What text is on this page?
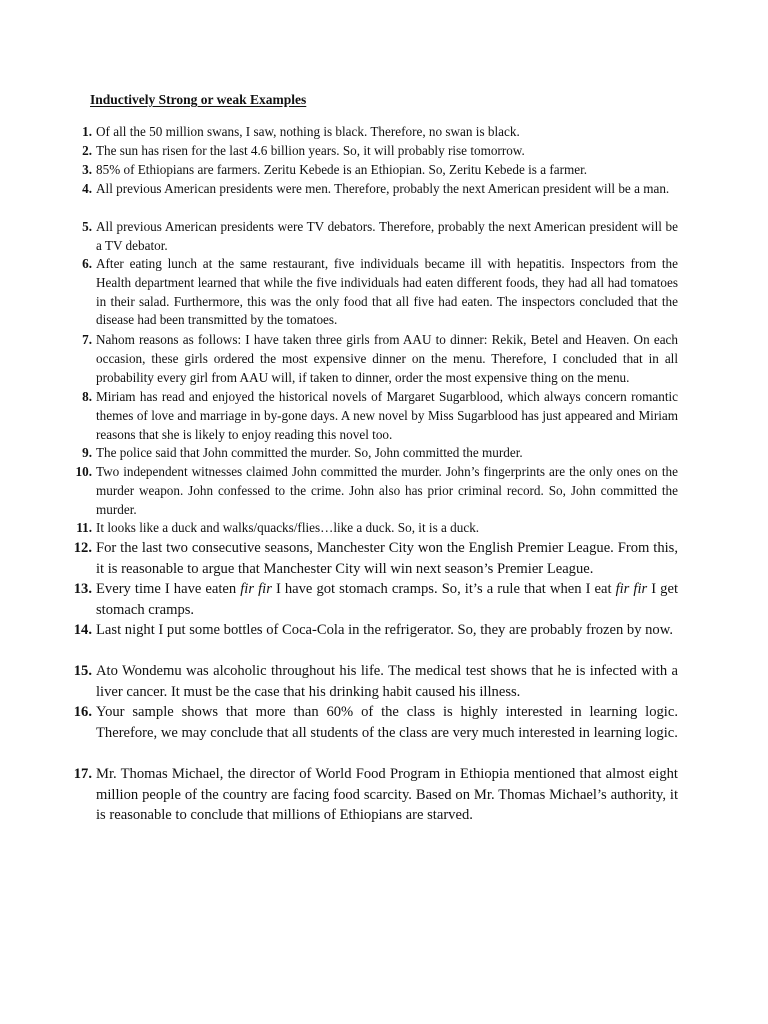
Inductively Strong or weak Examples
1. Of all the 50 million swans, I saw, nothing is black. Therefore, no swan is black.
2. The sun has risen for the last 4.6 billion years. So, it will probably rise tomorrow.
3. 85% of Ethiopians are farmers. Zeritu Kebede is an Ethiopian. So, Zeritu Kebede is a farmer.
4. All previous American presidents were men. Therefore, probably the next American president will be a man.
5. All previous American presidents were TV debators. Therefore, probably the next American president will be a TV debator.
6. After eating lunch at the same restaurant, five individuals became ill with hepatitis. Inspectors from the Health department learned that while the five individuals had eaten different foods, they had all had tomatoes in their salad. Furthermore, this was the only food that all five had eaten. The inspectors concluded that the disease had been transmitted by the tomatoes.
7. Nahom reasons as follows: I have taken three girls from AAU to dinner: Rekik, Betel and Heaven. On each occasion, these girls ordered the most expensive dinner on the menu. Therefore, I concluded that in all probability every girl from AAU will, if taken to dinner, order the most expensive thing on the menu.
8. Miriam has read and enjoyed the historical novels of Margaret Sugarblood, which always concern romantic themes of love and marriage in by-gone days. A new novel by Miss Sugarblood has just appeared and Miriam reasons that she is likely to enjoy reading this novel too.
9. The police said that John committed the murder. So, John committed the murder.
10. Two independent witnesses claimed John committed the murder. John’s fingerprints are the only ones on the murder weapon. John confessed to the crime. John also has prior criminal record. So, John committed the murder.
11. It looks like a duck and walks/quacks/flies…like a duck. So, it is a duck.
12. For the last two consecutive seasons, Manchester City won the English Premier League. From this, it is reasonable to argue that Manchester City will win next season’s Premier League.
13. Every time I have eaten fir fir I have got stomach cramps. So, it’s a rule that when I eat fir fir I get stomach cramps.
14. Last night I put some bottles of Coca-Cola in the refrigerator. So, they are probably frozen by now.
15. Ato Wondemu was alcoholic throughout his life. The medical test shows that he is infected with a liver cancer. It must be the case that his drinking habit caused his illness.
16. Your sample shows that more than 60% of the class is highly interested in learning logic. Therefore, we may conclude that all students of the class are very much interested in learning logic.
17. Mr. Thomas Michael, the director of World Food Program in Ethiopia mentioned that almost eight million people of the country are facing food scarcity. Based on Mr. Thomas Michael’s authority, it is reasonable to conclude that millions of Ethiopians are starved.
